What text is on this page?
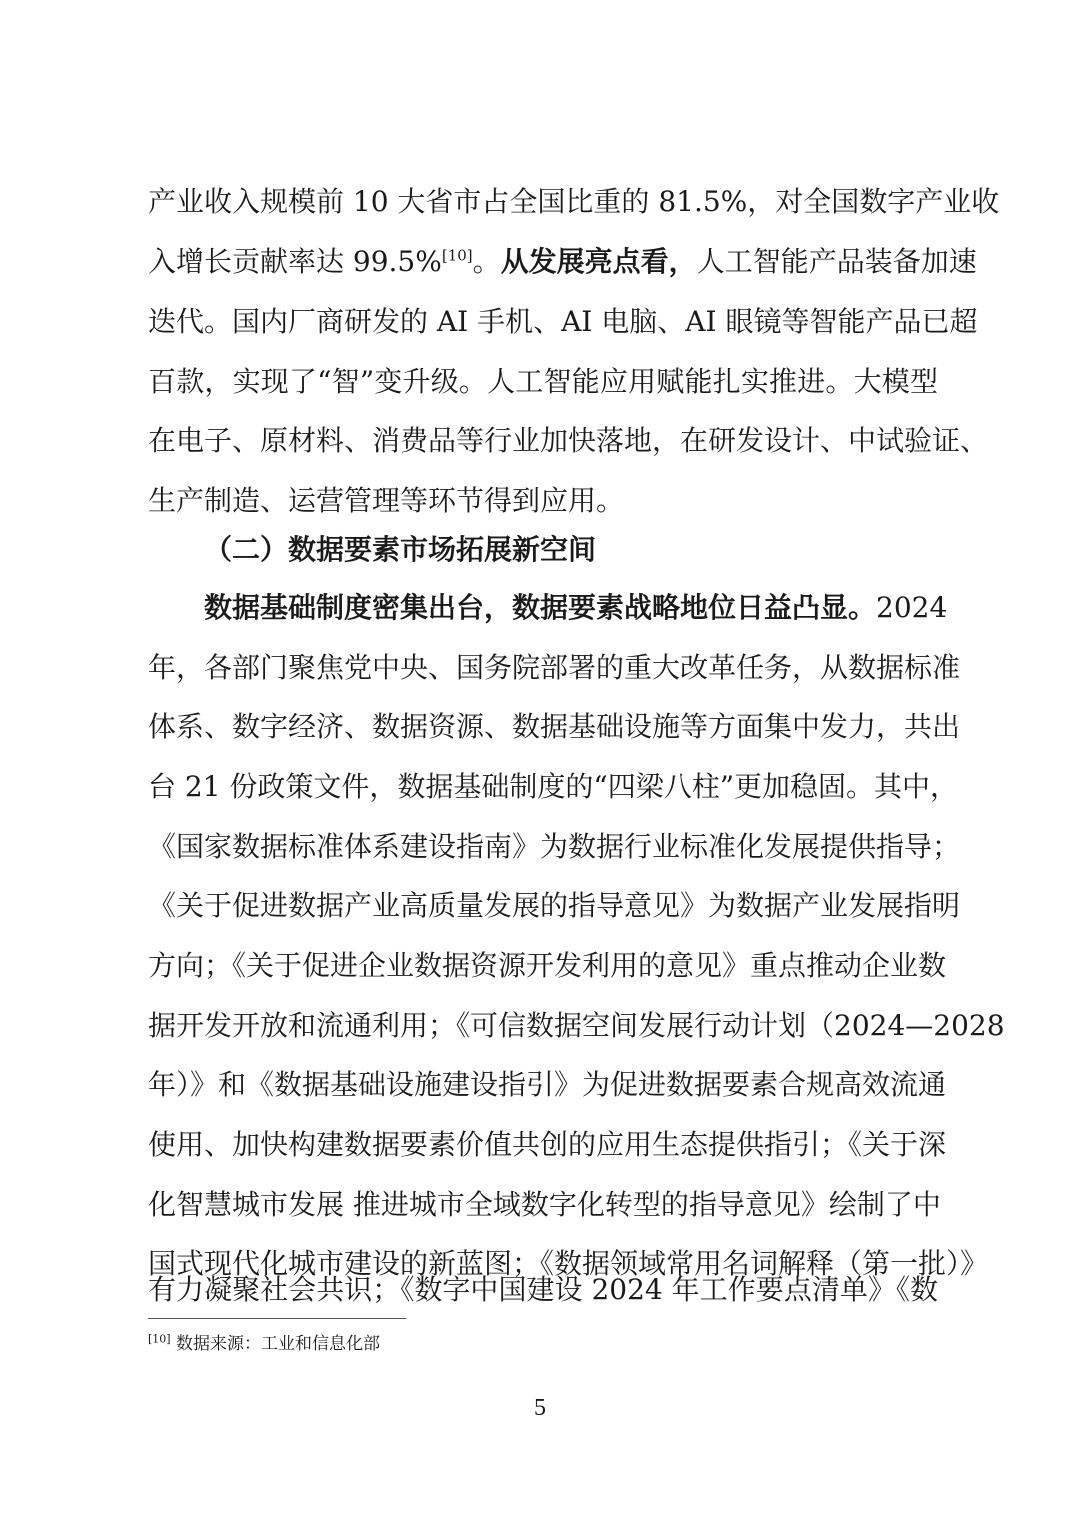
产业收入规模前 10 大省市占全国比重的 81.5%，对全国数字产业收
入增长贡献率达 99.5%[10]。从发展亮点看，人工智能产品装备加速
迭代。国内厂商研发的 AI 手机、AI 电脑、AI 眼镜等智能产品已超
百款，实现了“智”变升级。人工智能应用赋能扎实推进。大模型
在电子、原材料、消费品等行业加快落地，在研发设计、中试验证、
生产制造、运营管理等环节得到应用。
（二）数据要素市场拓展新空间
数据基础制度密集出台，数据要素战略地位日益凸显。2024
年，各部门聚焦党中央、国务院部署的重大改革任务，从数据标准
体系、数字经济、数据资源、数据基础设施等方面集中发力，共出
台 21 份政策文件，数据基础制度的“四梁八柱”更加稳固。其中，
《国家数据标准体系建设指南》为数据行业标准化发展提供指导；
《关于促进数据产业高质量发展的指导意见》为数据产业发展指明
方向；《关于促进企业数据资源开发利用的意见》重点推动企业数
据开发开放和流通利用；《可信数据空间发展行动计划（2024—2028
年）》和《数据基础设施建设指引》为促进数据要素合规高效流通
使用、加快构建数据要素价值共创的应用生态提供指引；《关于深
化智慧城市发展 推进城市全域数字化转型的指导意见》绘制了中
国式现代化城市建设的新蓝图；《数据领域常用名词解释（第一批）》
有力凝聚社会共识；《数字中国建设 2024 年工作要点清单》《数
[10] 数据来源：工业和信息化部
5
